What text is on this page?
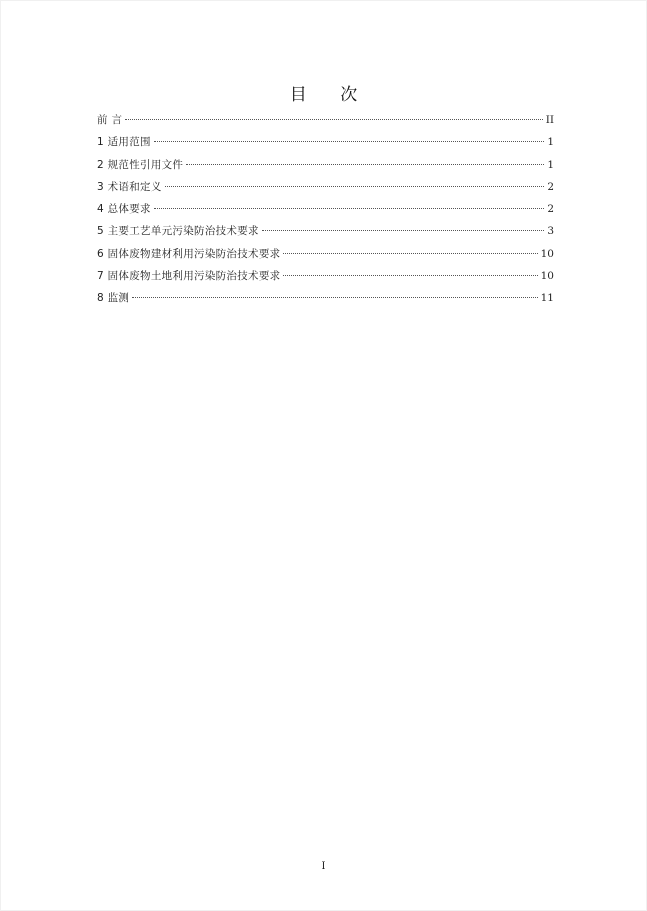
目 次
前 言	II
1 适用范围	1
2 规范性引用文件	1
3 术语和定义	2
4 总体要求	2
5 主要工艺单元污染防治技术要求	3
6 固体废物建材利用污染防治技术要求	10
7 固体废物土地利用污染防治技术要求	10
8 监测	11
I
